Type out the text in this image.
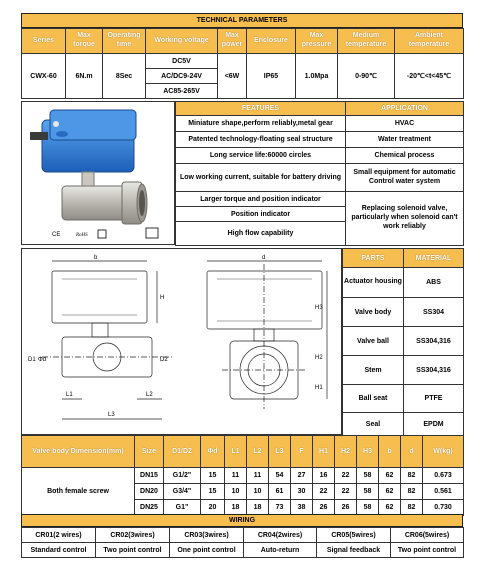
TECHNICAL PARAMETERS
Series	Max torque	Operating time	Working voltage	Max power	Enclosure	Max pressure	Medium temperature	Ambient temperature
CWX-60	6N.m	8Sec	DC5V	<6W	IP65	1.0Mpa	0-90℃	-20℃<t<45℃
			AC/DC9-24V					
			AC85-265V					
CE	RoHS
FEATURES	APPLICATION
Miniature shape,perform reliably,metal gear	HVAC
Patented technology-floating seal structure	Water treatment
Long service life:60000 circles	Chemical process
Low working current, suitable for battery driving	Small equipment for automatic Control water system
Larger torque and position indicator	Replacing solenoid valve, particularly when solenoid can't work reliably
Position indicator	
High flow capability	
b
H
D1 Φd	D2
L1
L3
L2
d
H3
H2
H1
PARTS	MATERIAL
Actuator housing	ABS
Valve body	SS304
Valve ball	SS304,316
Stem	SS304,316
Ball seat	PTFE
Seal	EPDM
Valve body Dimension(mm)	Size	D1/D2	Φd	L1	L2	L3	F	H1	H2	H3	b	d	W(kg)
Both female screw	DN15	G1/2"	15	11	11	54	27	16	22	58	62	82	0.673
	DN20	G3/4"	15	10	10	61	30	22	22	58	62	82	0.561
	DN25	G1"	20	18	18	73	38	26	26	58	62	82	0.730
WIRING
CR01(2 wires)	CR02(3wires)	CR03(3wires)	CR04(2wires)	CR05(5wires)	CR06(5wires)
Standard control	Two point control	One point control	Auto-return	Signal feedback	Two point control
